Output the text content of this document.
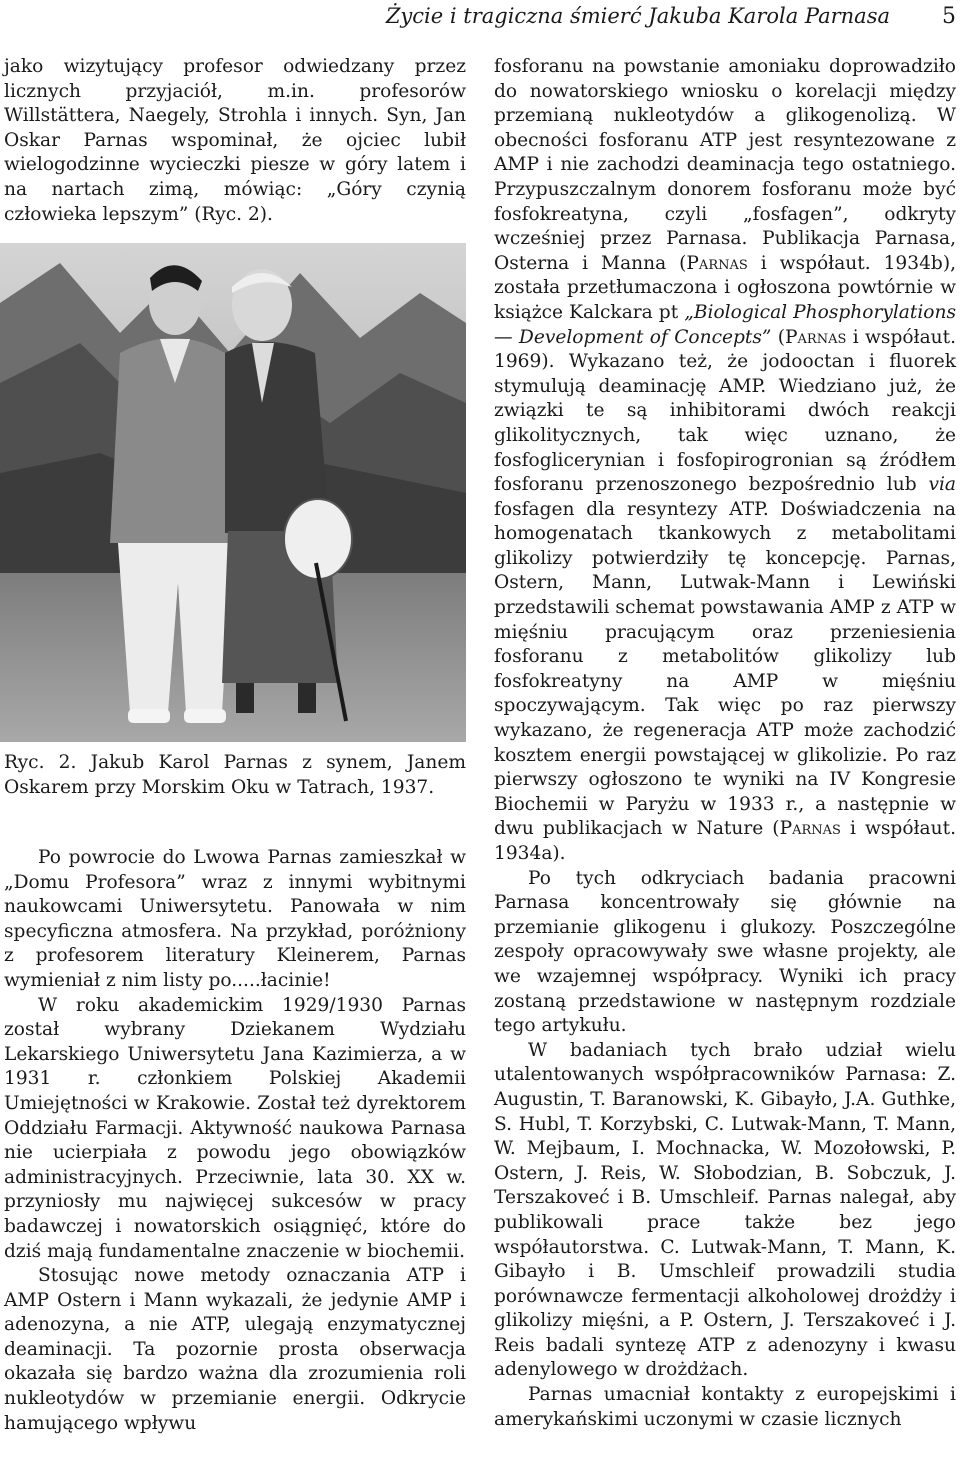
Życie i tragiczna śmierć Jakuba Karola Parnasa 5

jako wizytujący profesor odwiedzany przez licznych przyjaciół, m.in. profesorów Willstättera, Naegely, Strohla i innych. Syn, Jan Oskar Parnas wspominał, że ojciec lubił wielogodzinne wycieczki piesze w góry latem i na nartach zimą, mówiąc: „Góry czynią człowieka lepszym” (Ryc. 2).

Ryc. 2. Jakub Karol Parnas z synem, Janem Oskarem przy Morskim Oku w Tatrach, 1937.

Po powrocie do Lwowa Parnas zamieszkał w „Domu Profesora” wraz z innymi wybitnymi naukowcami Uniwersytetu. Panowała w nim specyficzna atmosfera. Na przykład, poróżniony z profesorem literatury Kleinerem, Parnas wymieniał z nim listy po.....łacinie!

W roku akademickim 1929/1930 Parnas został wybrany Dziekanem Wydziału Lekarskiego Uniwersytetu Jana Kazimierza, a w 1931 r. członkiem Polskiej Akademii Umiejętności w Krakowie. Został też dyrektorem Oddziału Farmacji. Aktywność naukowa Parnasa nie ucierpiała z powodu jego obowiązków administracyjnych. Przeciwnie, lata 30. XX w. przyniosły mu najwięcej sukcesów w pracy badawczej i nowatorskich osiągnięć, które do dziś mają fundamentalne znaczenie w biochemii.

Stosując nowe metody oznaczania ATP i AMP Ostern i Mann wykazali, że jedynie AMP i adenozyna, a nie ATP, ulegają enzymatycznej deaminacji. Ta pozornie prosta obserwacja okazała się bardzo ważna dla zrozumienia roli nukleotydów w przemianie energii. Odkrycie hamującego wpływu

fosforanu na powstanie amoniaku doprowadziło do nowatorskiego wniosku o korelacji między przemianą nukleotydów a glikogenolizą. W obecności fosforanu ATP jest resyntezowane z AMP i nie zachodzi deaminacja tego ostatniego. Przypuszczalnym donorem fosforanu może być fosfokreatyna, czyli „fosfagen”, odkryty wcześniej przez Parnasa. Publikacja Parnasa, Osterna i Manna (Parnas i współaut. 1934b), została przetłumaczona i ogłoszona powtórnie w książce Kalckara pt „Biological Phosphorylations — Development of Concepts” (Parnas i współaut. 1969). Wykazano też, że jodooctan i fluorek stymulują deaminację AMP. Wiedziano już, że związki te są inhibitorami dwóch reakcji glikolitycznych, tak więc uznano, że fosfoglicerynian i fosfopirogronian są źródłem fosforanu przenoszonego bezpośrednio lub via fosfagen dla resyntezy ATP. Doświadczenia na homogenatach tkankowych z metabolitami glikolizy potwierdziły tę koncepcję. Parnas, Ostern, Mann, Lutwak-Mann i Lewiński przedstawili schemat powstawania AMP z ATP w mięśniu pracującym oraz przeniesienia fosforanu z metabolitów glikolizy lub fosfokreatyny na AMP w mięśniu spoczywającym. Tak więc po raz pierwszy wykazano, że regeneracja ATP może zachodzić kosztem energii powstającej w glikolizie. Po raz pierwszy ogłoszono te wyniki na IV Kongresie Biochemii w Paryżu w 1933 r., a następnie w dwu publikacjach w Nature (Parnas i współaut. 1934a).

Po tych odkryciach badania pracowni Parnasa koncentrowały się głównie na przemianie glikogenu i glukozy. Poszczególne zespoły opracowywały swe własne projekty, ale we wzajemnej współpracy. Wyniki ich pracy zostaną przedstawione w następnym rozdziale tego artykułu.

W badaniach tych brało udział wielu utalentowanych współpracowników Parnasa: Z. Augustin, T. Baranowski, K. Gibayło, J.A. Guthke, S. Hubl, T. Korzybski, C. Lutwak-Mann, T. Mann, W. Mejbaum, I. Mochnacka, W. Mozołowski, P. Ostern, J. Reis, W. Słobodzian, B. Sobczuk, J. Terszakoveć i B. Umschleif. Parnas nalegał, aby publikowali prace także bez jego współautorstwa. C. Lutwak-Mann, T. Mann, K. Gibayło i B. Umschleif prowadzili studia porównawcze fermentacji alkoholowej drożdży i glikolizy mięśni, a P. Ostern, J. Terszakoveć i J. Reis badali syntezę ATP z adenozyny i kwasu adenylowego w drożdżach.

Parnas umacniał kontakty z europejskimi i amerykańskimi uczonymi w czasie licznych
